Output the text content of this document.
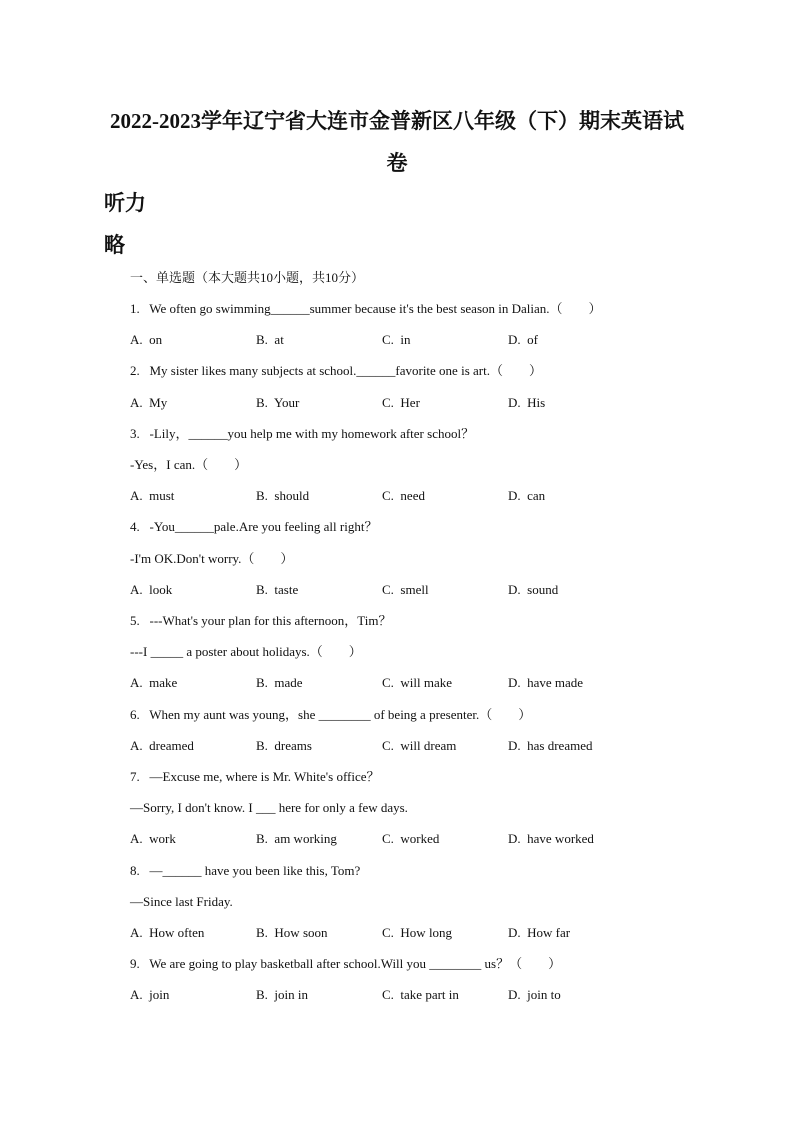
2022-2023学年辽宁省大连市金普新区八年级（下）期末英语试
卷
听力
略
一、单选题（本大题共10小题，共10分）
1.   We often go swimming______summer because it's the best season in Dalian.（        ）
A.  on	B.  at	C.  in	D.  of
2.   My sister likes many subjects at school.______favorite one is art.（        ）
A.  My	B.  Your	C.  Her	D.  His
3.   -Lily，______you help me with my homework after school？
-Yes，I can.（        ）
A.  must	B.  should	C.  need	D.  can
4.   -You______pale.Are you feeling all right？
-I'm OK.Don't worry.（        ）
A.  look	B.  taste	C.  smell	D.  sound
5.   ---What's your plan for this afternoon，Tim？
---I _____ a poster about holidays.（        ）
A.  make	B.  made	C.  will make	D.  have made
6.   When my aunt was young，she ________ of being a presenter.（        ）
A.  dreamed	B.  dreams	C.  will dream	D.  has dreamed
7.   —Excuse me, where is Mr. White's office？
—Sorry, I don't know. I ___ here for only a few days.
A.  work	B.  am working	C.  worked	D.  have worked
8.   —______ have you been like this, Tom?
—Since last Friday.
A.  How often	B.  How soon	C.  How long	D.  How far
9.   We are going to play basketball after school.Will you ________ us？（        ）
A.  join	B.  join in	C.  take part in	D.  join to
